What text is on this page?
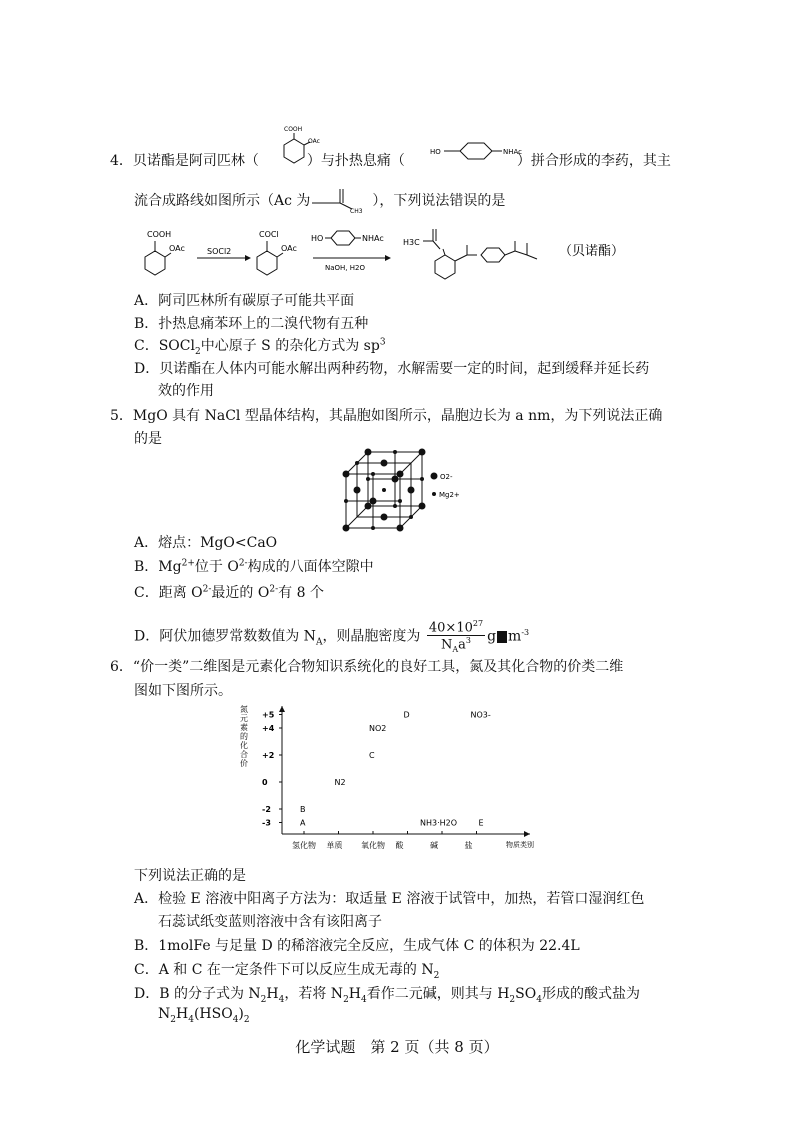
4．贝诺酯是阿司匹林（	）与扑热息痛（	）拼合形成的李药，其主
COOH
OAc
HO	NHAc
流合成路线如图所示（Ac 为
CH3
），下列说法错误的是
COOH
OAc	SOCl2
COCl
OAc
HO	NHAc
NaOH, H2O
H3C
（贝诺酯）
A．阿司匹林所有碳原子可能共平面
B．扑热息痛苯环上的二溴代物有五种
C．SOCl$_2$中心原子 S 的杂化方式为 $sp^3$
D．贝诺酯在人体内可能水解出两种药物，水解需要一定的时间，起到缓释并延长药
效的作用
5．MgO 具有 NaCl 型晶体结构，其晶胞如图所示，晶胞边长为 a nm，为下列说法正确
的是
O2-
Mg2+
A．熔点：MgO<CaO
B．$Mg^{2+}$位于 $O^{2-}$构成的八面体空隙中
C．距离 $O^{2-}$最近的 $O^{2-}$有 8 个
D．阿伏加德罗常数数值为 $N_A$，则晶胞密度为
$40\times 10^{27}$
$N_Aa^3$	g $m^{-3}$
6．“价一类”二维图是元素化合物知识系统化的良好工具，氮及其化合物的价类二维
图如下图所示。
氮
元
素
的
化
合
价
+5
+4
+2
0
-2
-3
氢化物 单质 氧化物 酸	碱	盐	物质类别
A
B
N2
C
NO2
D
NH3·H2O
NO3-
E
下列说法正确的是
A．检验 E 溶液中阳离子方法为：取适量 E 溶液于试管中，加热，若管口湿润红色
石蕊试纸变蓝则溶液中含有该阳离子
B．1molFe 与足量 D 的稀溶液完全反应，生成气体 C 的体积为 22.4L
C．A 和 C 在一定条件下可以反应生成无毒的 $N_2$
D．B 的分子式为 $N_2H_4$，若将 $N_2H_4$看作二元碱，则其与 $H_2SO_4$形成的酸式盐为
$N_2H_4(HSO_4)_2$
化学试题　第 2 页（共 8 页）
